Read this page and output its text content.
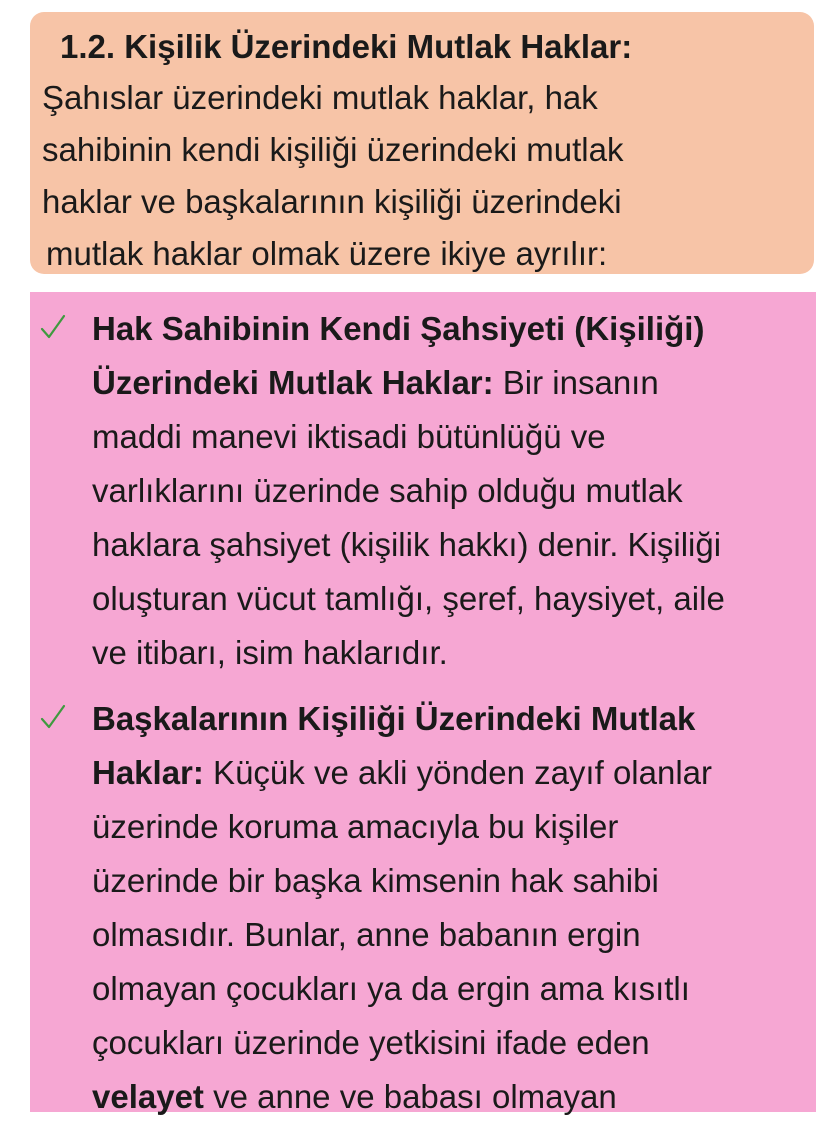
1.2. Kişilik Üzerindeki Mutlak Haklar:
Şahıslar üzerindeki mutlak haklar, hak
sahibinin kendi kişiliği üzerindeki mutlak
haklar ve başkalarının kişiliği üzerindeki
mutlak haklar olmak üzere ikiye ayrılır:
Hak Sahibinin Kendi Şahsiyeti (Kişiliği)
Üzerindeki Mutlak Haklar: Bir insanın
maddi manevi iktisadi bütünlüğü ve
varlıklarını üzerinde sahip olduğu mutlak
haklara şahsiyet (kişilik hakkı) denir. Kişiliği
oluşturan vücut tamlığı, şeref, haysiyet, aile
ve itibarı, isim haklarıdır.
Başkalarının Kişiliği Üzerindeki Mutlak
Haklar: Küçük ve akli yönden zayıf olanlar
üzerinde koruma amacıyla bu kişiler
üzerinde bir başka kimsenin hak sahibi
olmasıdır. Bunlar, anne babanın ergin
olmayan çocukları ya da ergin ama kısıtlı
çocukları üzerinde yetkisini ifade eden
velayet ve anne ve babası olmayan
